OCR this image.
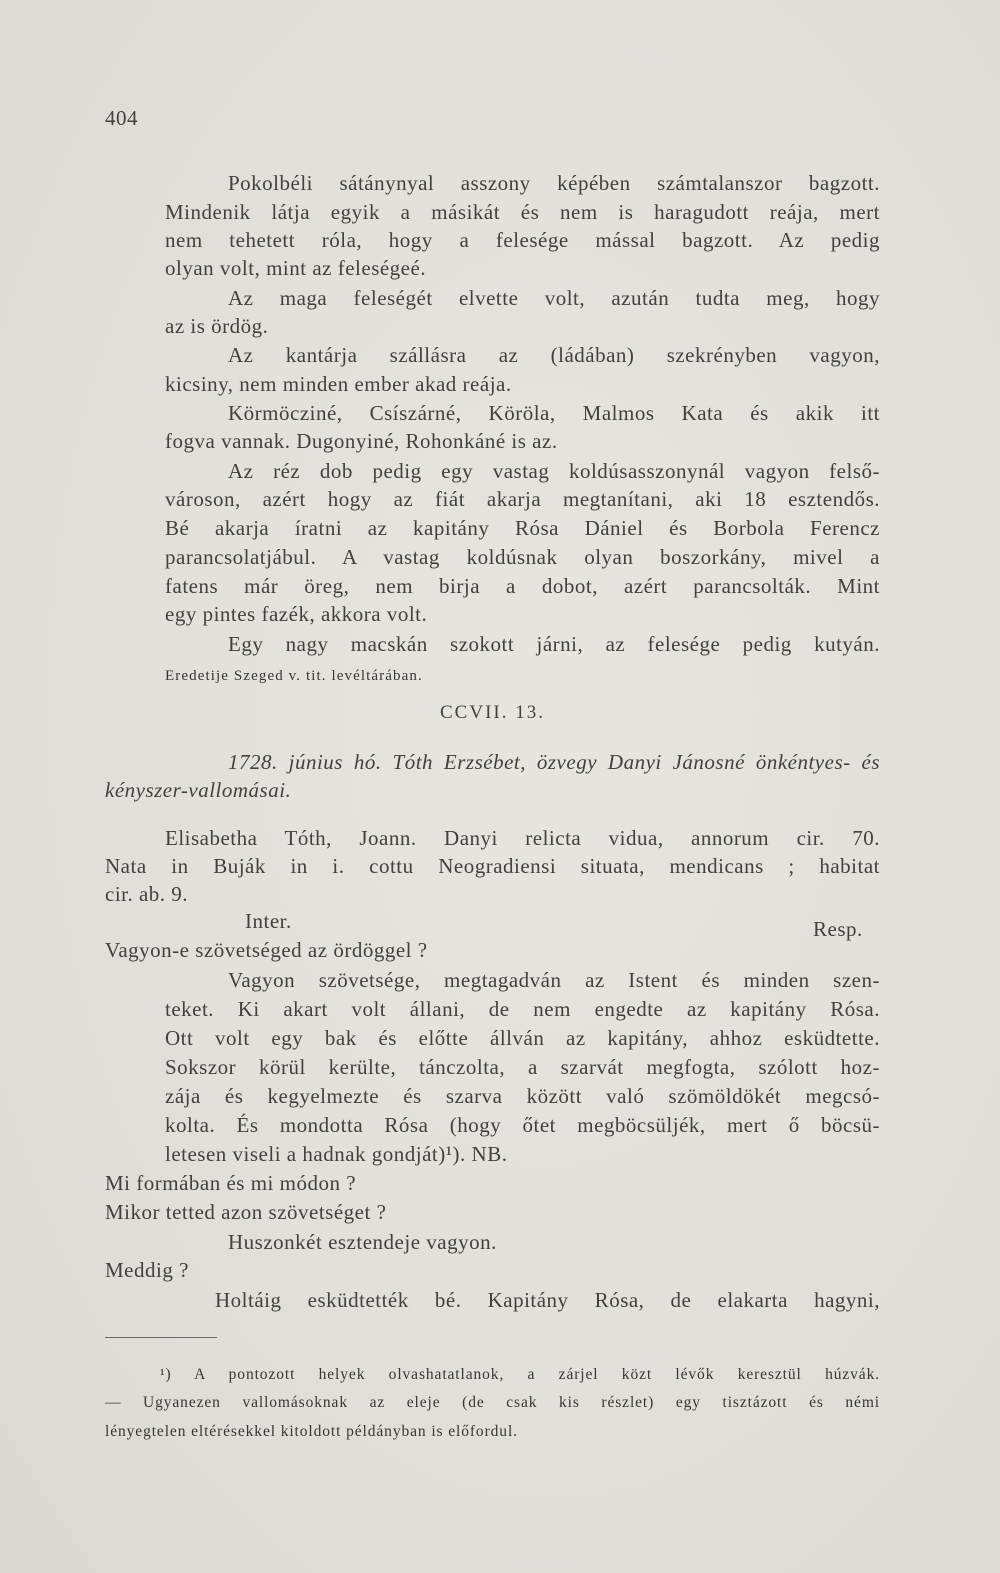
404
Pokolbéli sátánynyal asszony képében számtalanszor bagzott.
Mindenik látja egyik a másikát és nem is haragudott reája, mert
nem tehetett róla, hogy a felesége mással bagzott. Az pedig
olyan volt, mint az feleségeé.
Az maga feleségét elvette volt, azután tudta meg, hogy
az is ördög.
Az kantárja szállásra az (ládában) szekrényben vagyon,
kicsiny, nem minden ember akad reája.
Körmöcziné, Csíszárné, Köröla, Malmos Kata és akik itt
fogva vannak. Dugonyiné, Rohonkáné is az.
Az réz dob pedig egy vastag koldúsasszonynál vagyon felső-
városon, azért hogy az fiát akarja megtanítani, aki 18 esztendős.
Bé akarja íratni az kapitány Rósa Dániel és Borbola Ferencz
parancsolatjábul. A vastag koldúsnak olyan boszorkány, mivel a
fatens már öreg, nem birja a dobot, azért parancsolták. Mint
egy pintes fazék, akkora volt.
Egy nagy macskán szokott járni, az felesége pedig kutyán.
Eredetije Szeged v. tit. levéltárában.
CCVII. 13.
1728. június hó. Tóth Erzsébet, özvegy Danyi Jánosné önkéntyes- és
kényszer-vallomásai.
Elisabetha Tóth, Joann. Danyi relicta vidua, annorum cir. 70.
Nata in Buják in i. cottu Neogradiensi situata, mendicans ; habitat
cir. ab. 9.
Inter.	Resp.
Vagyon-e szövetséged az ördöggel ?
Vagyon szövetsége, megtagadván az Istent és minden szen-
teket. Ki akart volt állani, de nem engedte az kapitány Rósa.
Ott volt egy bak és előtte állván az kapitány, ahhoz esküdtette.
Sokszor körül kerülte, tánczolta, a szarvát megfogta, szólott hoz-
zája és kegyelmezte és szarva között való szömöldökét megcsó-
kolta. És mondotta Rósa (hogy őtet megböcsüljék, mert ő böcsü-
letesen viseli a hadnak gondját)¹). NB.
Mi formában és mi módon ?
Mikor tetted azon szövetséget ?
Huszonkét esztendeje vagyon.
Meddig ?
Holtáig esküdtették bé. Kapitány Rósa, de elakarta hagyni,
¹) A pontozott helyek olvashatatlanok, a zárjel közt lévők keresztül húzvák.
— Ugyanezen vallomásoknak az eleje (de csak kis részlet) egy tisztázott és némi
lényegtelen eltérésekkel kitoldott példányban is előfordul.
